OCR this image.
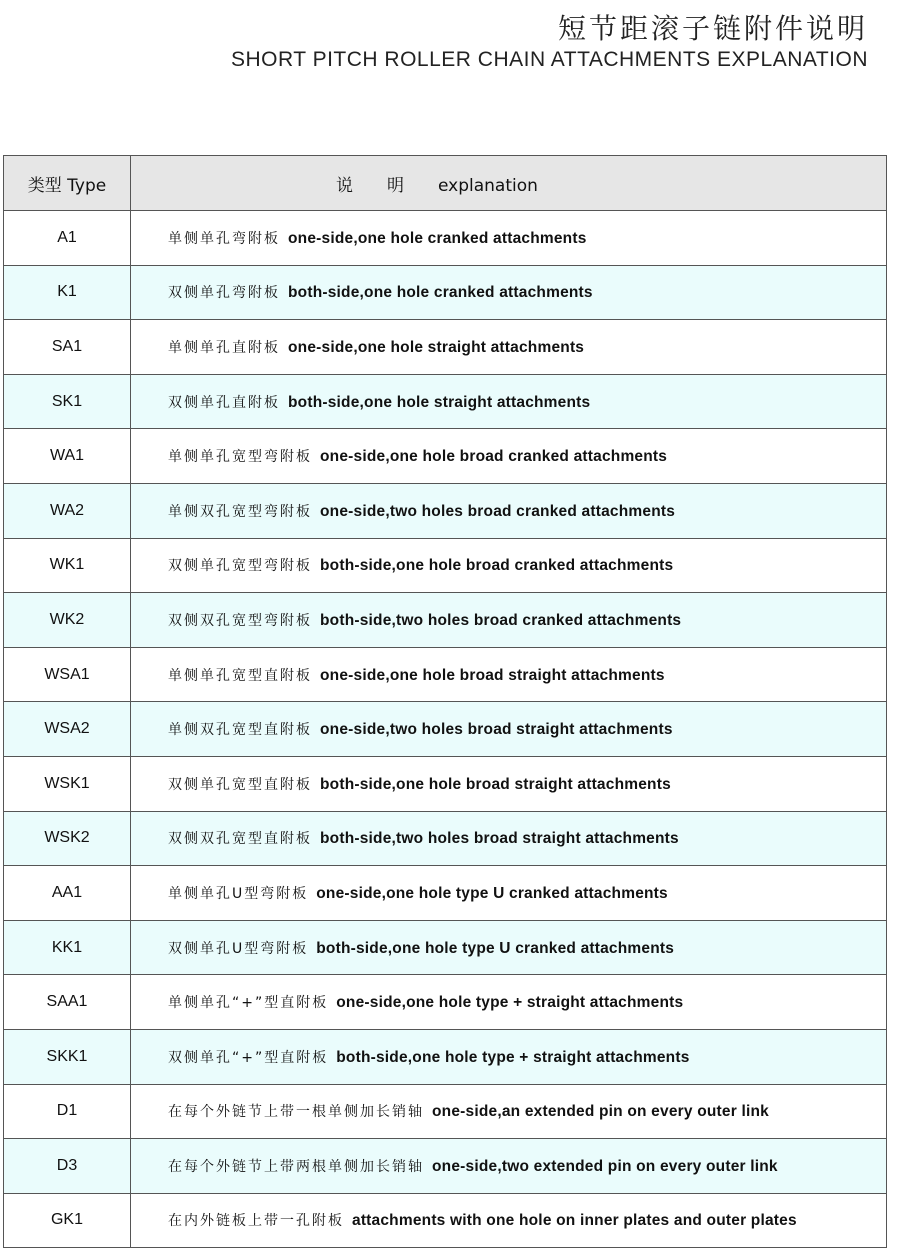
短节距滚子链附件说明
SHORT PITCH ROLLER CHAIN ATTACHMENTS EXPLANATION
类型 Type	说 明 explanation
A1	单侧单孔弯附板 one-side,one hole cranked attachments
K1	双侧单孔弯附板 both-side,one hole cranked attachments
SA1	单侧单孔直附板 one-side,one hole straight attachments
SK1	双侧单孔直附板 both-side,one hole straight attachments
WA1	单侧单孔宽型弯附板 one-side,one hole broad cranked attachments
WA2	单侧双孔宽型弯附板 one-side,two holes broad cranked attachments
WK1	双侧单孔宽型弯附板 both-side,one hole broad cranked attachments
WK2	双侧双孔宽型弯附板 both-side,two holes broad cranked attachments
WSA1	单侧单孔宽型直附板 one-side,one hole broad straight attachments
WSA2	单侧双孔宽型直附板 one-side,two holes broad straight attachments
WSK1	双侧单孔宽型直附板 both-side,one hole broad straight attachments
WSK2	双侧双孔宽型直附板 both-side,two holes broad straight attachments
AA1	单侧单孔U型弯附板 one-side,one hole type U cranked attachments
KK1	双侧单孔U型弯附板 both-side,one hole type U cranked attachments
SAA1	单侧单孔“+”型直附板 one-side,one hole type + straight attachments
SKK1	双侧单孔“+”型直附板 both-side,one hole type + straight attachments
D1	在每个外链节上带一根单侧加长销轴 one-side,an extended pin on every outer link
D3	在每个外链节上带两根单侧加长销轴 one-side,two extended pin on every outer link
GK1	在内外链板上带一孔附板 attachments with one hole on inner plates and outer plates
